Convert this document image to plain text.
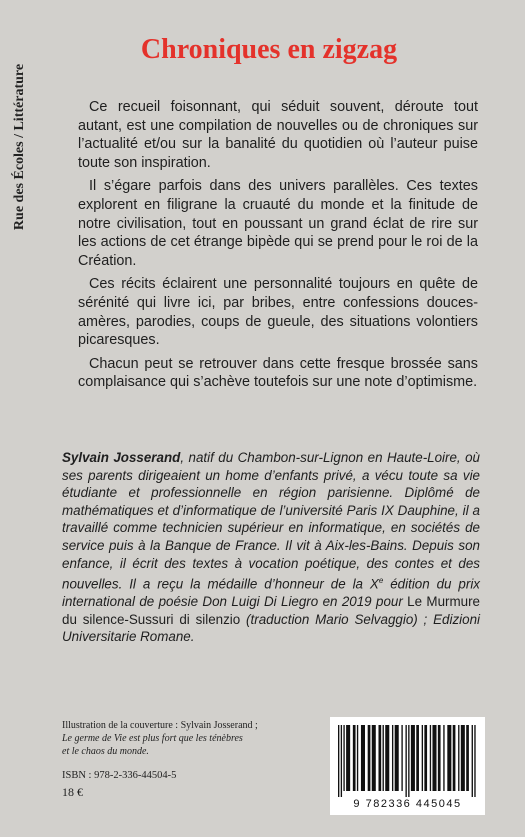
Rue des Écoles / Littérature
Chroniques en zigzag

Ce recueil foisonnant, qui séduit souvent, déroute tout autant, est une compilation de nouvelles ou de chroniques sur l’actualité et/ou sur la banalité du quotidien où l’auteur puise toute son inspiration.

Il s’égare parfois dans des univers parallèles. Ces textes explorent en filigrane la cruauté du monde et la finitude de notre civilisation, tout en poussant un grand éclat de rire sur les actions de cet étrange bipède qui se prend pour le roi de la Création.

Ces récits éclairent une personnalité toujours en quête de sérénité qui livre ici, par bribes, entre confessions douces-amères, parodies, coups de gueule, des situations volontiers picaresques.

Chacun peut se retrouver dans cette fresque brossée sans complaisance qui s’achève toutefois sur une note d’optimisme.

Sylvain Josserand, natif du Chambon-sur-Lignon en Haute-Loire, où ses parents dirigeaient un home d’enfants privé, a vécu toute sa vie étudiante et professionnelle en région parisienne. Diplômé de mathématiques et d’informatique de l’université Paris IX Dauphine, il a travaillé comme technicien supérieur en informatique, en sociétés de service puis à la Banque de France. Il vit à Aix-les-Bains. Depuis son enfance, il écrit des textes à vocation poétique, des contes et des nouvelles. Il a reçu la médaille d’honneur de la Xe édition du prix international de poésie Don Luigi Di Liegro en 2019 pour Le Murmure du silence-Sussuri di silenzio (traduction Mario Selvaggio) ; Edizioni Universitarie Romane.

Illustration de la couverture : Sylvain Josserand ;
Le germe de Vie est plus fort que les ténèbres
et le chaos du monde.
ISBN : 978-2-336-44504-5
18 €
9 782336 445045
